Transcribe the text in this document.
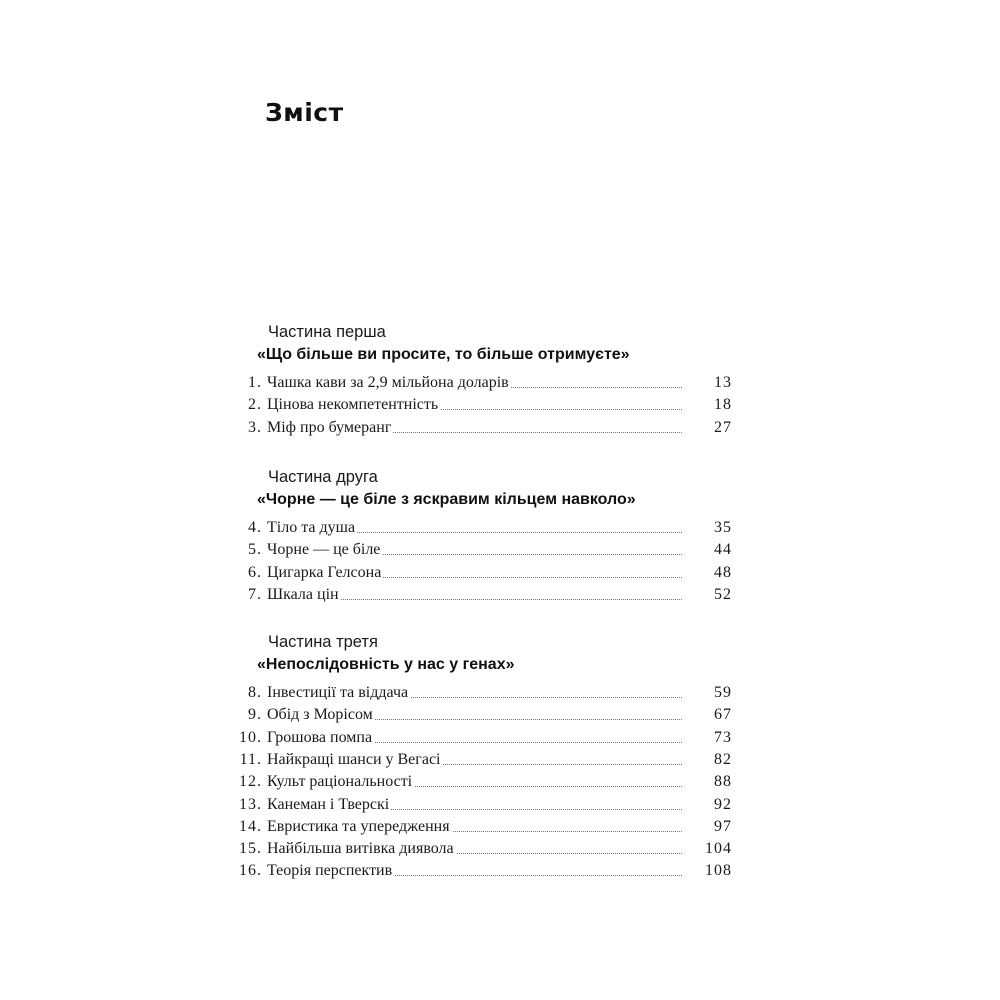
Зміст
Частина перша
«Що більше ви просите, то більше отримуєте»
1. Чашка кави за 2,9 мільйона доларів	13
2. Цінова некомпетентність	18
3. Міф про бумеранг	27
Частина друга
«Чорне — це біле з яскравим кільцем навколо»
4. Тіло та душа	35
5. Чорне — це біле	44
6. Цигарка Гелсона	48
7. Шкала цін	52
Частина третя
«Непослідовність у нас у генах»
8. Інвестиції та віддача	59
9. Обід з Морісом	67
10. Грошова помпа	73
11. Найкращі шанси у Вегасі	82
12. Культ раціональності	88
13. Канеман і Тверскі	92
14. Евристика та упередження	97
15. Найбільша витівка диявола	104
16. Теорія перспектив	108
